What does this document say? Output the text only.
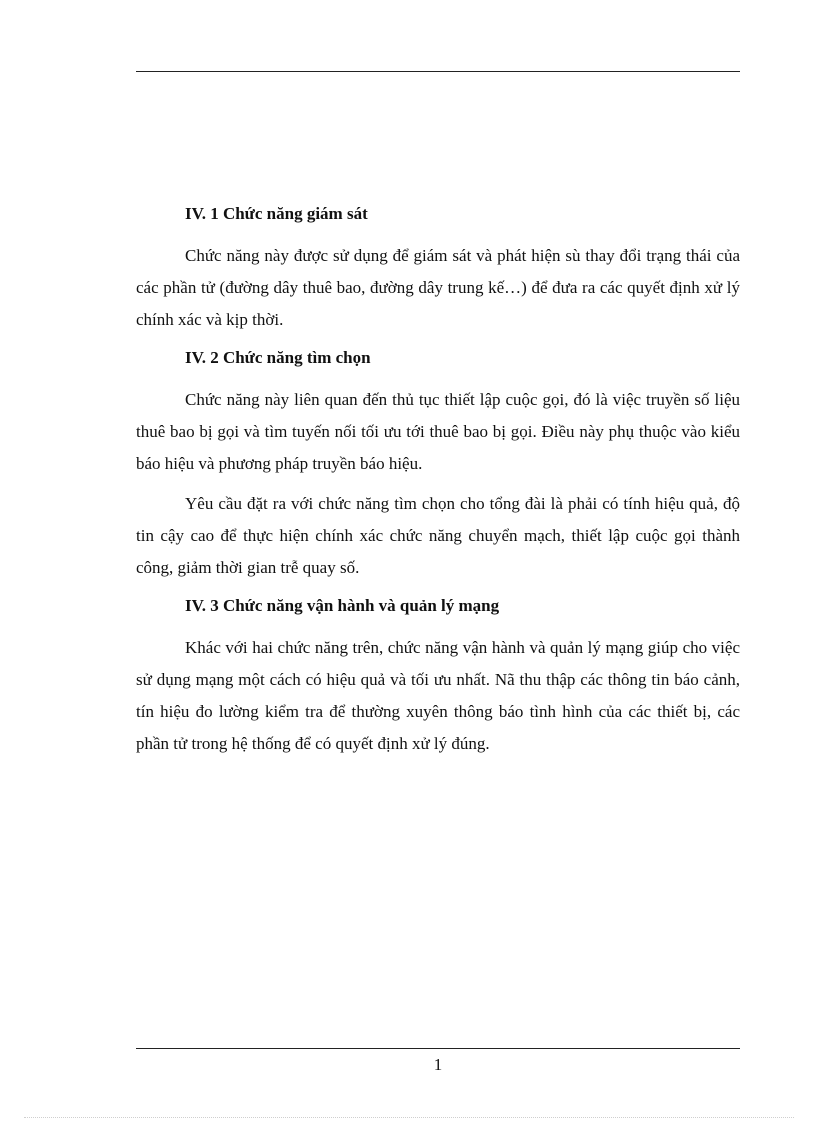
IV. 1 Chức năng giám sát

Chức năng này được sử dụng để giám sát và phát hiện sù thay đổi trạng thái của các phần tử (đường dây thuê bao, đường dây trung kế…) để đưa ra các quyết định xử lý chính xác và kịp thời.

IV. 2 Chức năng tìm chọn

Chức năng này liên quan đến thủ tục thiết lập cuộc gọi, đó là việc truyền số liệu thuê bao bị gọi và tìm tuyến nối tối ưu tới thuê bao bị gọi. Điều này phụ thuộc vào kiểu báo hiệu và phương pháp truyền báo hiệu.

Yêu cầu đặt ra với chức năng tìm chọn cho tổng đài là phải có tính hiệu quả, độ tin cậy cao để thực hiện chính xác chức năng chuyển mạch, thiết lập cuộc gọi thành công, giảm thời gian trễ quay số.

IV. 3 Chức năng vận hành và quản lý mạng

Khác với hai chức năng trên, chức năng vận hành và quản lý mạng giúp cho việc sử dụng mạng một cách có hiệu quả và tối ưu nhất. Nã thu thập các thông tin báo cảnh, tín hiệu đo lường kiểm tra để thường xuyên thông báo tình hình của các thiết bị, các phần tử trong hệ thống để có quyết định xử lý đúng.

1
